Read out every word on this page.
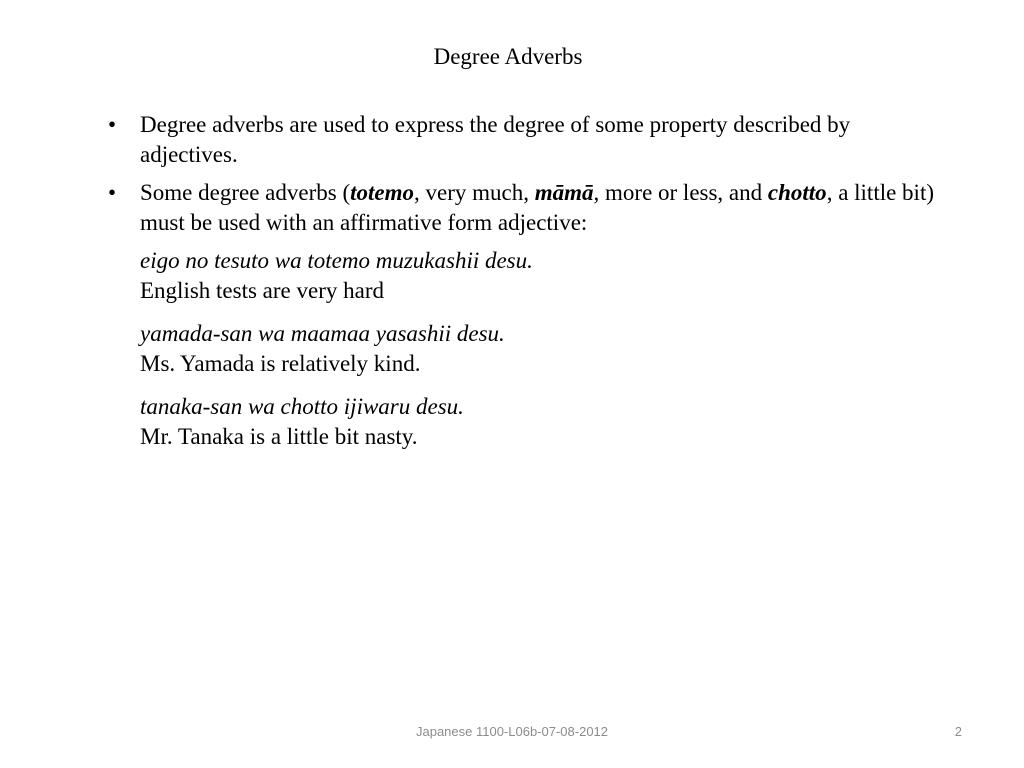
Degree Adverbs
•	Degree adverbs are used to express the degree of some property described by adjectives.
•	Some degree adverbs (totemo, very much, māmā, more or less, and chotto, a little bit) must be used with an affirmative form adjective:
eigo no tesuto wa totemo muzukashii desu.
English tests are very hard
yamada-san wa maamaa yasashii desu.
Ms. Yamada is relatively kind.
tanaka-san wa chotto ijiwaru desu.
Mr. Tanaka is a little bit nasty.
Japanese 1100-L06b-07-08-2012	2
